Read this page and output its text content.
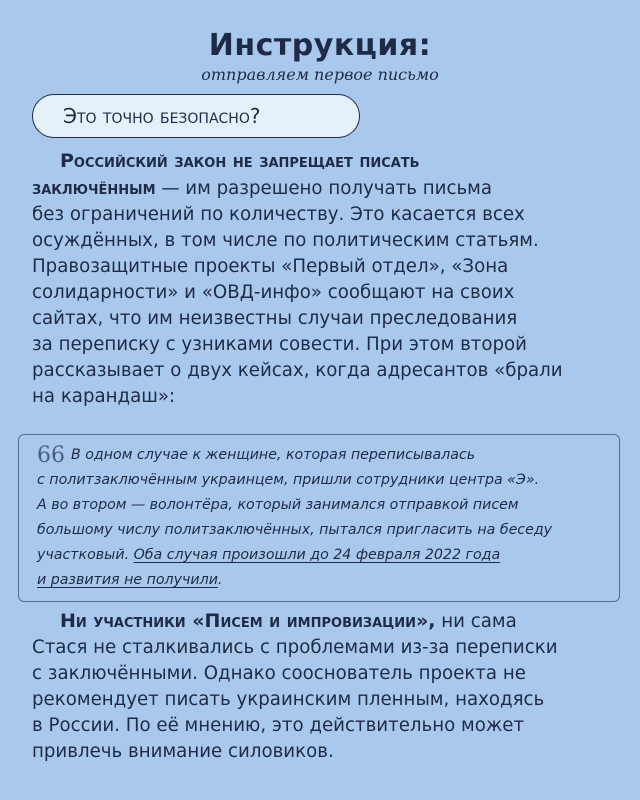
Инструкция:
отправляем первое письмо
Это точно безопасно?
Российский закон не запрещает писать
заключённым — им разрешено получать письма
без ограничений по количеству. Это касается всех
осуждённых, в том числе по политическим статьям.
Правозащитные проекты «Первый отдел», «Зона
солидарности» и «ОВД-инфо» сообщают на своих
сайтах, что им неизвестны случаи преследования
за переписку с узниками совести. При этом второй
рассказывает о двух кейсах, когда адресантов «брали
на карандаш»:
66 В одном случае к женщине, которая переписывалась
с политзаключённым украинцем, пришли сотрудники центра «Э».
А во втором — волонтёра, который занимался отправкой писем
большому числу политзаключённых, пытался пригласить на беседу
участковый. Оба случая произошли до 24 февраля 2022 года
и развития не получили.
Ни участники «Писем и импровизации», ни сама
Стася не сталкивались с проблемами из-за переписки
с заключёнными. Однако сооснователь проекта не
рекомендует писать украинским пленным, находясь
в России. По её мнению, это действительно может
привлечь внимание силовиков.
